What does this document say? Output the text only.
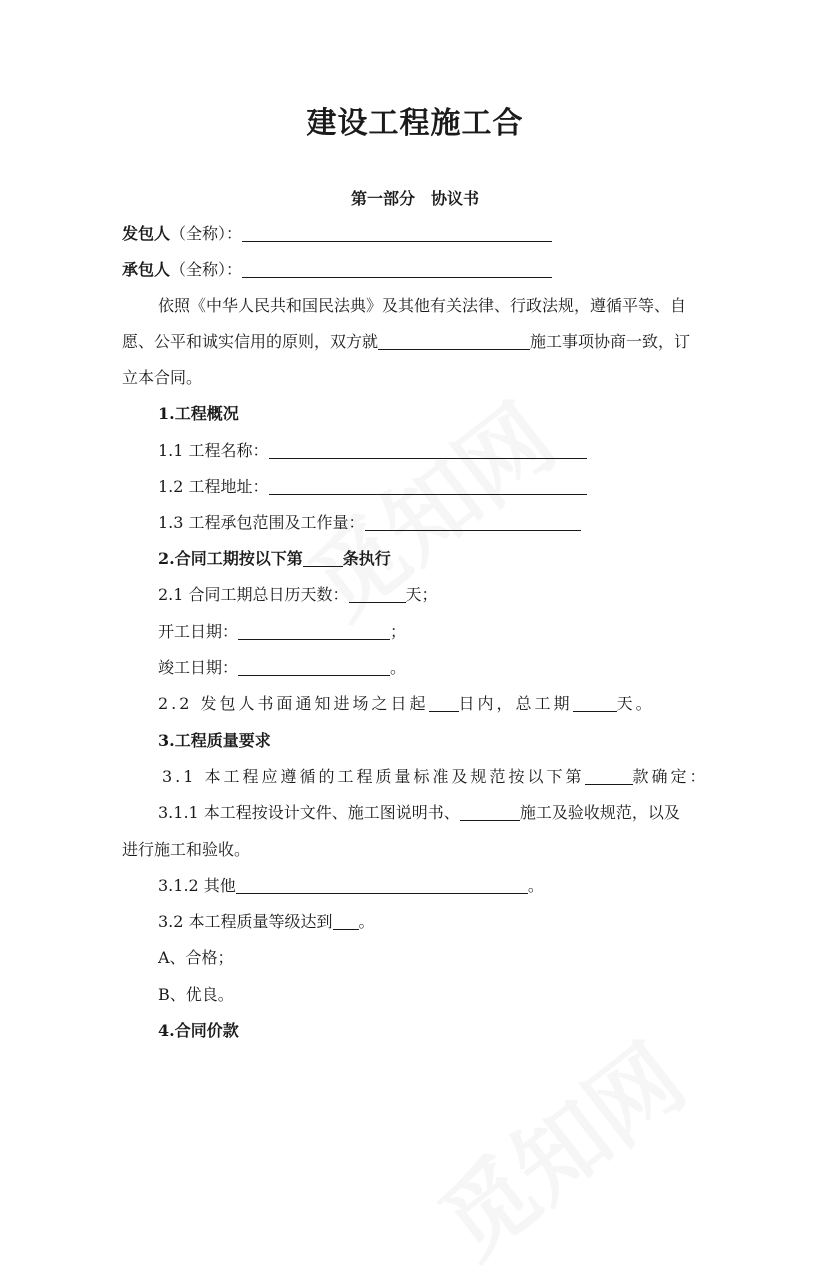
建设工程施工合
第一部分　协议书
发包人（全称）：
承包人（全称）：
依照《中华人民共和国民法典》及其他有关法律、行政法规，遵循平等、自
愿、公平和诚实信用的原则，双方就	施工事项协商一致，订
立本合同。
1.工程概况
1.1 工程名称：
1.2 工程地址：
1.3 工程承包范围及工作量：
2.合同工期按以下第	条执行
2.1 合同工期总日历天数：	天；
开工日期：	；
竣工日期：	。
2.2 发包人书面通知进场之日起 日内，总工期	天。
3.工程质量要求
3.1 本工程应遵循的工程质量标准及规范按以下第	款确定：
3.1.1 本工程按设计文件、施工图说明书、	施工及验收规范，以及
进行施工和验收。
3.1.2 其他	。
3.2 本工程质量等级达到 。
A、合格；
B、优良。
4.合同价款
